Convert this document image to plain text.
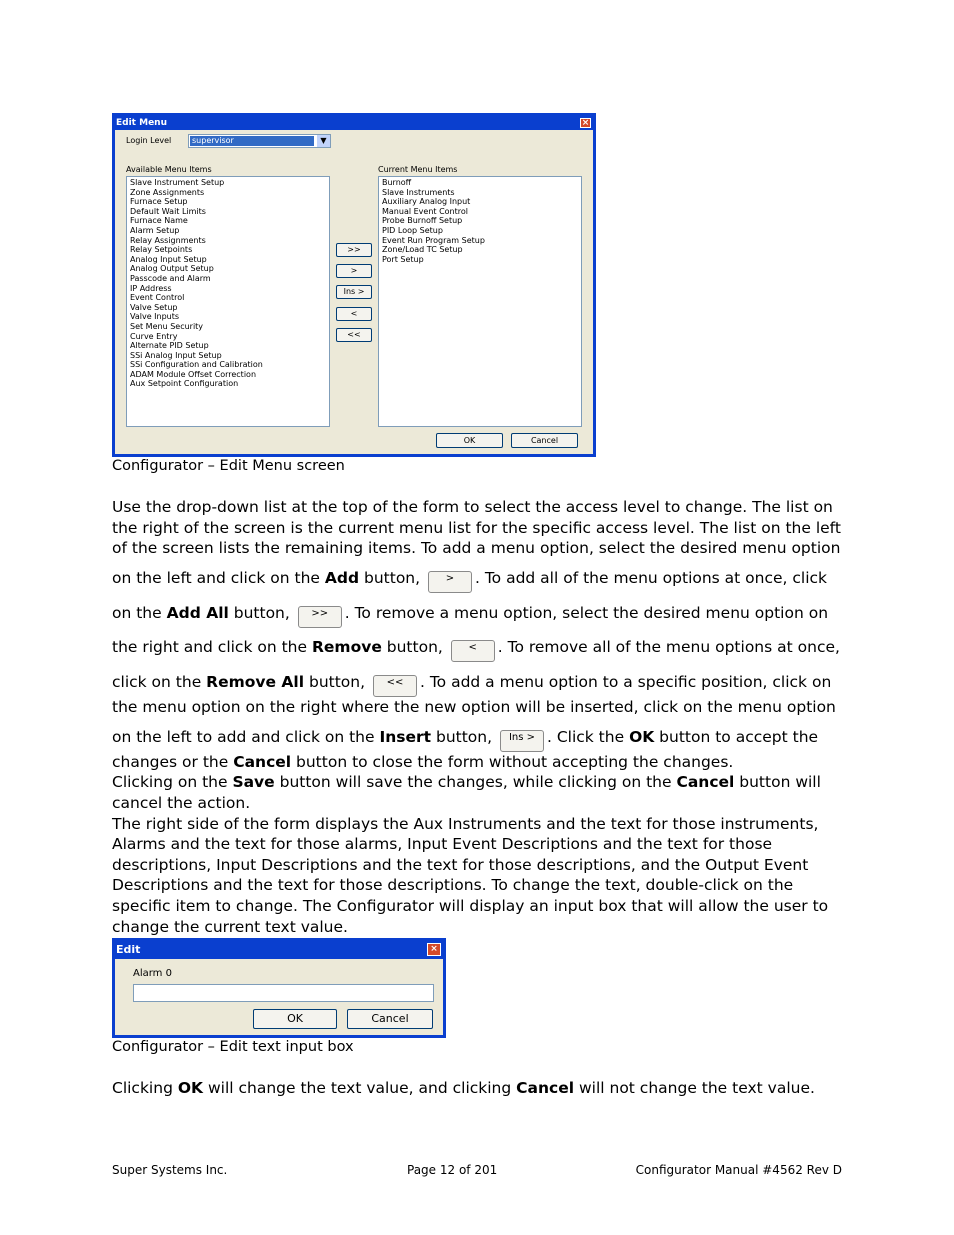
Edit Menu	×
Login Level	supervisor	▼
Available Menu Items	Current Menu Items
Slave Instrument Setup
Zone Assignments
Furnace Setup
Default Wait Limits
Furnace Name
Alarm Setup
Relay Assignments
Relay Setpoints
Analog Input Setup
Analog Output Setup
Passcode and Alarm
IP Address
Event Control
Valve Setup
Valve Inputs
Set Menu Security
Curve Entry
Alternate PID Setup
SSi Analog Input Setup
SSi Configuration and Calibration
ADAM Module Offset Correction
Aux Setpoint Configuration
Burnoff
Slave Instruments
Auxiliary Analog Input
Manual Event Control
Probe Burnoff Setup
PID Loop Setup
Event Run Program Setup
Zone/Load TC Setup
Port Setup
>>
>
Ins >
<
<<
OK	Cancel
Configurator – Edit Menu screen
Use the drop-down list at the top of the form to select the access level to change. The list on
the right of the screen is the current menu list for the specific access level. The list on the left
of the screen lists the remaining items. To add a menu option, select the desired menu option
on the left and click on the Add button, > . To add all of the menu options at once, click
on the Add All button, >> . To remove a menu option, select the desired menu option on
the right and click on the Remove button, < . To remove all of the menu options at once,
click on the Remove All button, << . To add a menu option to a specific position, click on
the menu option on the right where the new option will be inserted, click on the menu option
on the left to add and click on the Insert button, Ins > . Click the OK button to accept the
changes or the Cancel button to close the form without accepting the changes.
Clicking on the Save button will save the changes, while clicking on the Cancel button will
cancel the action.
The right side of the form displays the Aux Instruments and the text for those instruments,
Alarms and the text for those alarms, Input Event Descriptions and the text for those
descriptions, Input Descriptions and the text for those descriptions, and the Output Event
Descriptions and the text for those descriptions. To change the text, double-click on the
specific item to change. The Configurator will display an input box that will allow the user to
change the current text value.
Edit	×
Alarm 0
OK	Cancel
Configurator – Edit text input box
Clicking OK will change the text value, and clicking Cancel will not change the text value.
Super Systems Inc.	Page 12 of 201	Configurator Manual #4562 Rev D
